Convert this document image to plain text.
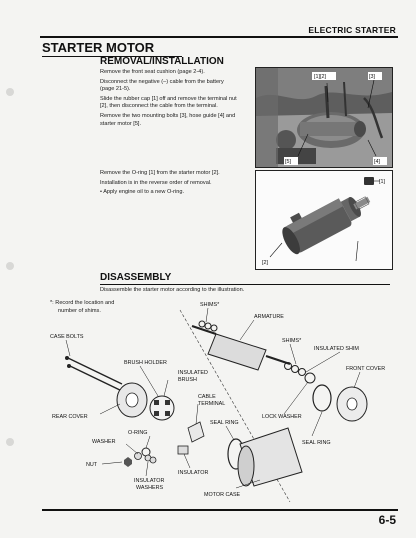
ELECTRIC STARTER
STARTER MOTOR
REMOVAL/INSTALLATION
Remove the front seat cushion (page 2-4).
Disconnect the negative (–) cable from the battery
(page 21-5).
Slide the rubber cap [1] off and remove the terminal nut
[2], then disconnect the cable from the terminal.
Remove the two mounting bolts [3], hose guide [4] and
starter motor [5].
Remove the O-ring [1] from the starter motor [2].
Installation is in the reverse order of removal.
• Apply engine oil to a new O-ring.
[1][2]	[3]
[5]	[4]
[1]
[2]
DISASSEMBLY
Disassemble the starter motor according to the illustration.
*: Record the location and
number of shims.
SHIMS*
ARMATURE
CASE BOLTS
SHIMS*
INSULATED SHIM
BRUSH HOLDER
FRONT COVER
INSULATED
BRUSH
CABLE
TERMINAL
REAR COVER
SEAL RING
LOCK WASHER
O-RING
WASHER	SEAL RING
NUT
INSULATOR
INSULATOR
WASHERS
MOTOR CASE
6-5
